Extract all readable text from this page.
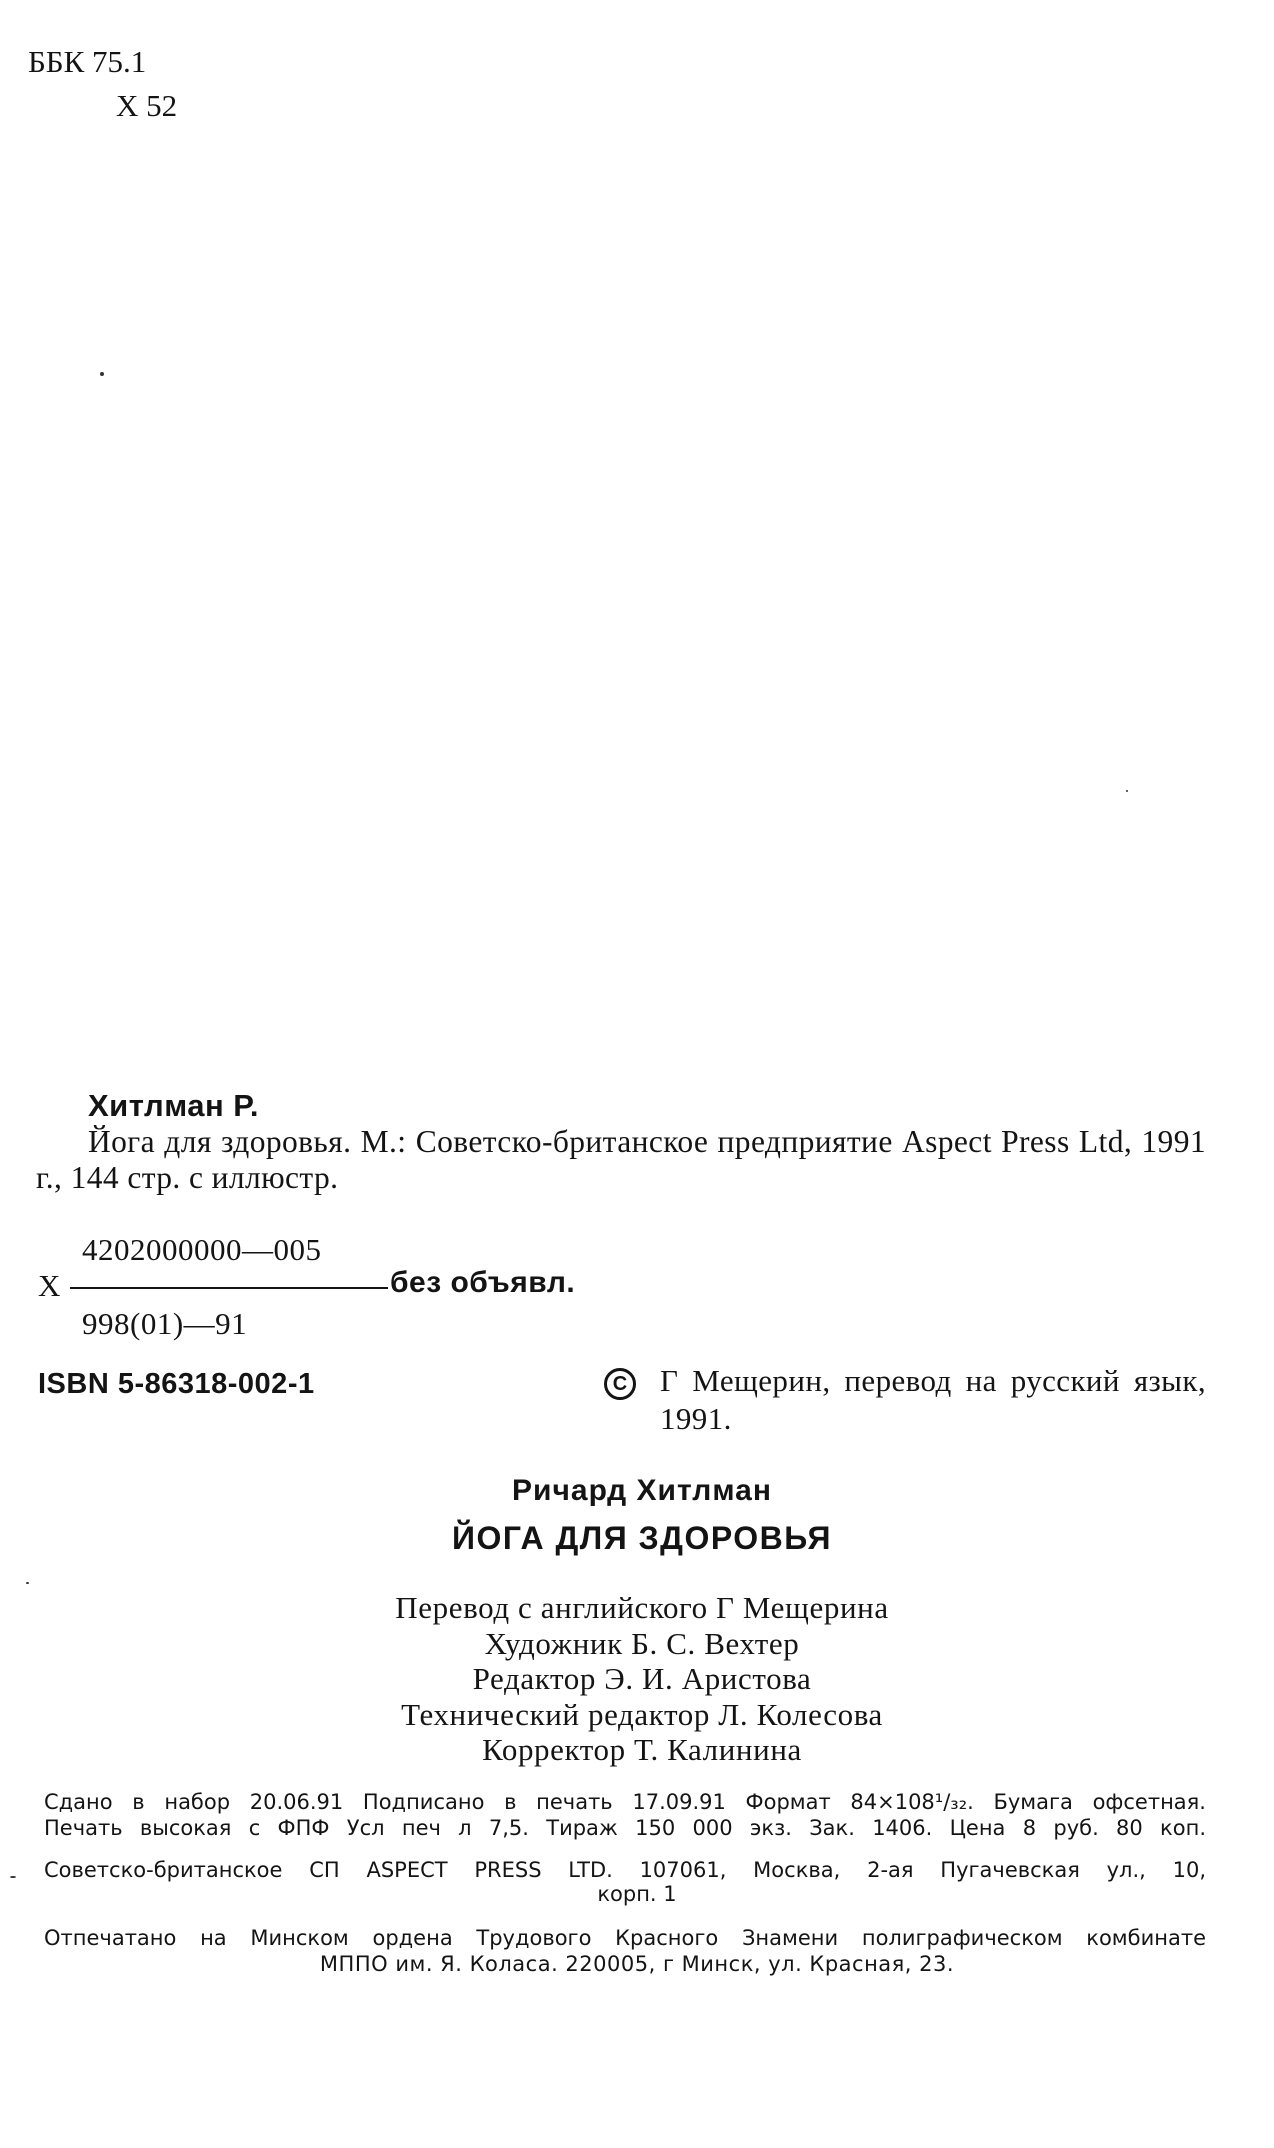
ББК 75.1
Х 52
Хитлман Р.
Йога для здоровья. М.: Советско-британское предприятие Aspect Press Ltd, 1991 г., 144 стр. с иллюстр.
4202000000—005
Х	без объявл.
998(01)—91
ISBN 5-86318-002-1	C Г Мещерин, перевод на русский язык, 1991.
Ричард Хитлман
ЙОГА ДЛЯ ЗДОРОВЬЯ
Перевод с английского Г Мещерина
Художник Б. С. Вехтер
Редактор Э. И. Аристова
Технический редактор Л. Колесова
Корректор Т. Калинина
Сдано в набор 20.06.91 Подписано в печать 17.09.91 Формат 84×108¹/₃₂. Бумага офсетная.
Печать высокая с ФПФ Усл печ л 7,5. Тираж 150 000 экз. Зак. 1406. Цена 8 руб. 80 коп.
Советско-британское СП ASPECT PRESS LTD. 107061, Москва, 2-ая Пугачевская ул., 10,
корп. 1
Отпечатано на Минском ордена Трудового Красного Знамени полиграфическом комбинате
МППО им. Я. Коласа. 220005, г Минск, ул. Красная, 23.
